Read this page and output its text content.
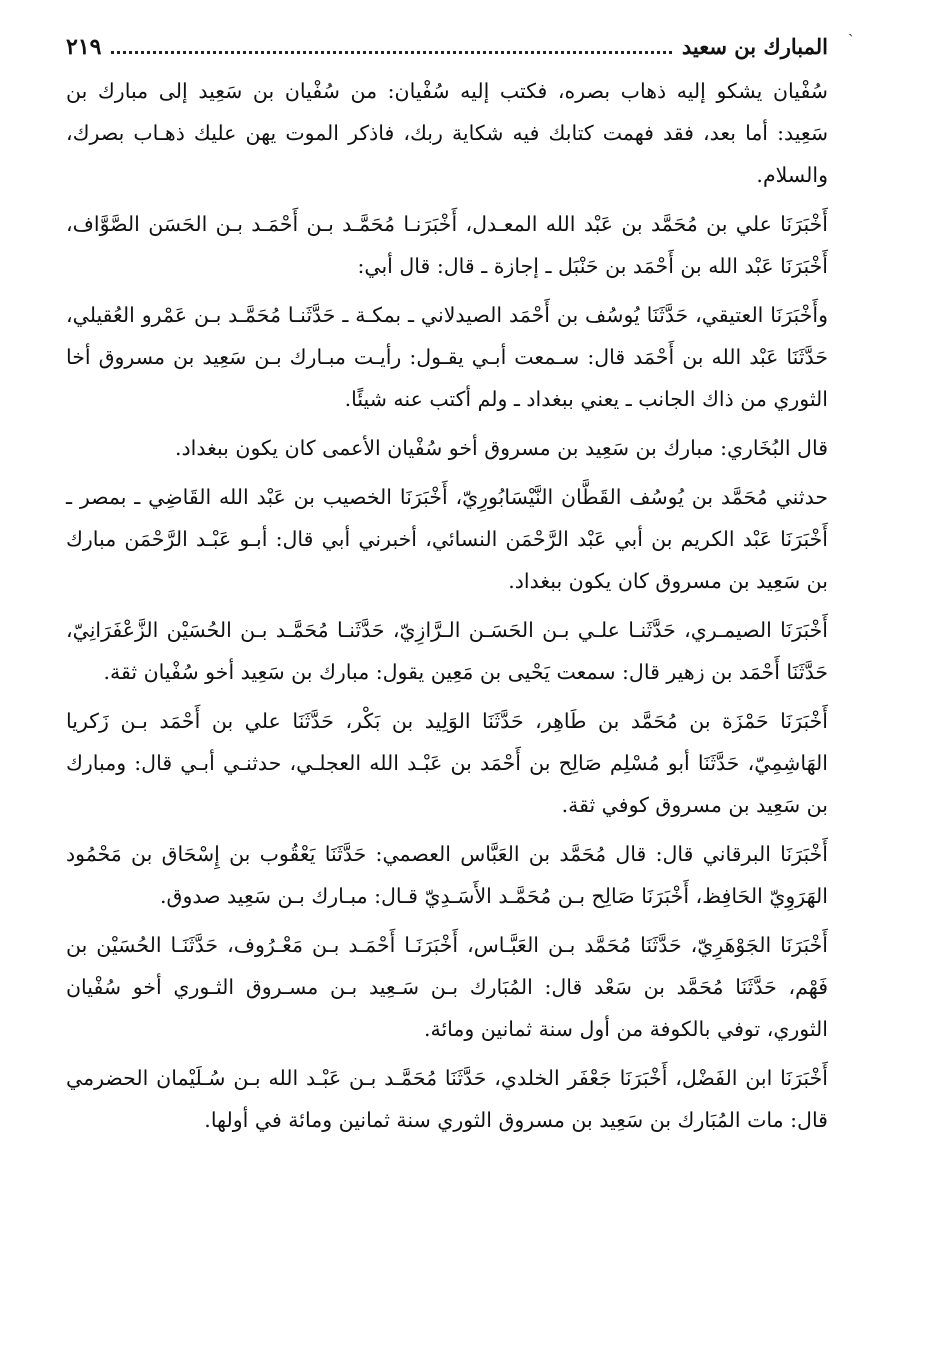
ˎ
المبارك بن سعيد
٢١٩

سُفْيان يشكو إليه ذهاب بصره، فكتب إليه سُفْيان: من سُفْيان بن سَعِيد إلى مبارك بن سَعِيد: أما بعد، فقد فهمت كتابك فيه شكاية ربك، فاذكر الموت يهن عليك ذهـاب بصرك، والسلام.

أَخْبَرَنَا علي بن مُحَمَّد بن عَبْد الله المعـدل، أَخْبَرَنـا مُحَمَّـد بـن أَحْمَـد بـن الحَسَن الصَّوَّاف، أَخْبَرَنَا عَبْد الله بن أَحْمَد بن حَنْبَل ـ إجازة ـ قال: قال أبي:

وأَخْبَرَنَا العتيقي، حَدَّثَنَا يُوسُف بن أَحْمَد الصيدلاني ـ بمكـة ـ حَدَّثَنـا مُحَمَّـد بـن عَمْرو العُقيلي، حَدَّثَنَا عَبْد الله بن أَحْمَد قال: سـمعت أبـي يقـول: رأيـت مبـارك بـن سَعِيد بن مسروق أخا الثوري من ذاك الجانب ـ يعني ببغداد ـ ولم أكتب عنه شيئًا.

قال البُخَاري: مبارك بن سَعِيد بن مسروق أخو سُفْيان الأعمى كان يكون ببغداد.

حدثني مُحَمَّد بن يُوسُف القَطَّان النَّيْسَابُورِيّ، أَخْبَرَنَا الخصيب بن عَبْد الله القَاضِي ـ بمصر ـ أَخْبَرَنَا عَبْد الكريم بن أبي عَبْد الرَّحْمَن النسائي، أخبرني أبي قال: أبـو عَبْـد الرَّحْمَن مبارك بن سَعِيد بن مسروق كان يكون ببغداد.

أَخْبَرَنَا الصيمـري، حَدَّثَنـا علـي بـن الحَسَـن الـرَّازِيّ، حَدَّثَنـا مُحَمَّـد بـن الحُسَيْن الزَّعْفَرَانِيّ، حَدَّثَنَا أَحْمَد بن زهير قال: سمعت يَحْيى بن مَعِين يقول: مبارك بن سَعِيد أخو سُفْيان ثقة.

أَخْبَرَنَا حَمْزَة بن مُحَمَّد بن طَاهِر، حَدَّثَنَا الوَلِيد بن بَكْر، حَدَّثَنَا علي بن أَحْمَد بـن زَكريا الهَاشِمِيّ، حَدَّثَنَا أبو مُسْلِم صَالِح بن أَحْمَد بن عَبْـد الله العجلـي، حدثنـي أبـي قال: ومبارك بن سَعِيد بن مسروق كوفي ثقة.

أَخْبَرَنَا البرقاني قال: قال مُحَمَّد بن العَبَّاس العصمي: حَدَّثَنَا يَعْقُوب بن إِسْحَاق بن مَحْمُود الهَرَوِيّ الحَافِظ، أَخْبَرَنَا صَالِح بـن مُحَمَّـد الأَسَـدِيّ قـال: مبـارك بـن سَعِيد صدوق.

أَخْبَرَنَا الجَوْهَرِيّ، حَدَّثَنَا مُحَمَّد بـن العَبَّـاس، أَخْبَرَنَـا أَحْمَـد بـن مَعْـرُوف، حَدَّثَنَـا الحُسَيْن بن فَهْم، حَدَّثَنَا مُحَمَّد بن سَعْد قال: المُبَارك بـن سَـعِيد بـن مسـروق الثـوري أخو سُفْيان الثوري، توفي بالكوفة من أول سنة ثمانين ومائة.

أَخْبَرَنَا ابن الفَضْل، أَخْبَرَنَا جَعْفَر الخلدي، حَدَّثَنَا مُحَمَّـد بـن عَبْـد الله بـن سُـلَيْمان الحضرمي قال: مات المُبَارك بن سَعِيد بن مسروق الثوري سنة ثمانين ومائة في أولها.
